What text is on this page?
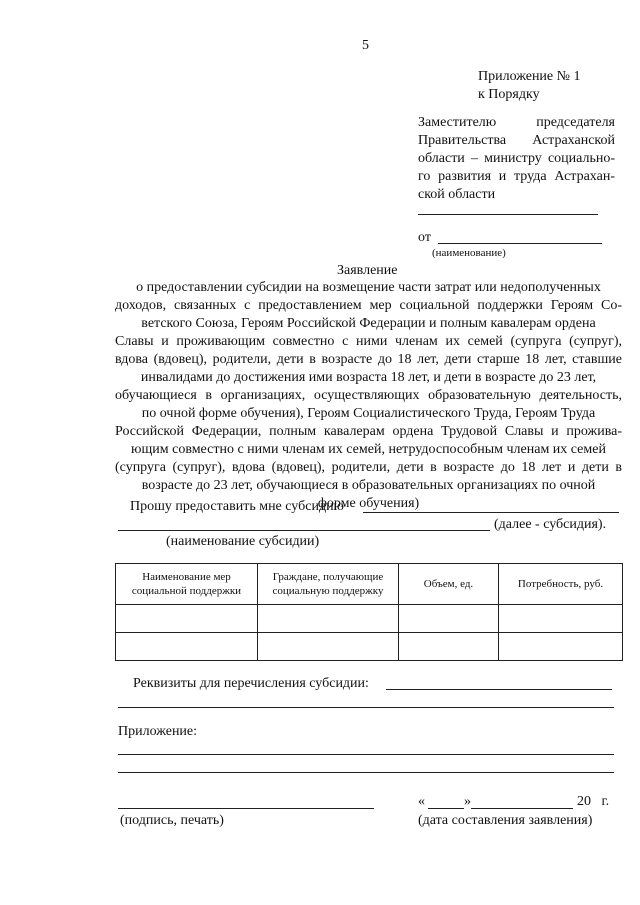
5
Приложение № 1
к Порядку
Заместителю председателя
Правительства Астраханской
области – министру социально-
го развития и труда Астрахан-
ской области
от
(наименование)
Заявление
о предоставлении субсидии на возмещение части затрат или недополученных
доходов, связанных с предоставлением мер социальной поддержки Героям Со-
ветского Союза, Героям Российской Федерации и полным кавалерам ордена
Славы и проживающим совместно с ними членам их семей (супруга (супруг),
вдова (вдовец), родители, дети в возрасте до 18 лет, дети старше 18 лет, ставшие
инвалидами до достижения ими возраста 18 лет, и дети в возрасте до 23 лет,
обучающиеся в организациях, осуществляющих образовательную деятельность,
по очной форме обучения), Героям Социалистического Труда, Героям Труда
Российской Федерации, полным кавалерам ордена Трудовой Славы и прожива-
ющим совместно с ними членам их семей, нетрудоспособным членам их семей
(супруга (супруг), вдова (вдовец), родители, дети в возрасте до 18 лет и дети в
возрасте до 23 лет, обучающиеся в образовательных организациях по очной
форме обучения)
Прошу предоставить мне субсидию
(далее - субсидия).
(наименование субсидии)
Наименование мер социальной поддержки	Граждане, получающие социальную поддержку	Объем, ед.	Потребность, руб.

Реквизиты для перечисления субсидии:
Приложение:
(подпись, печать)
«	»	20   г.
(дата составления заявления)
